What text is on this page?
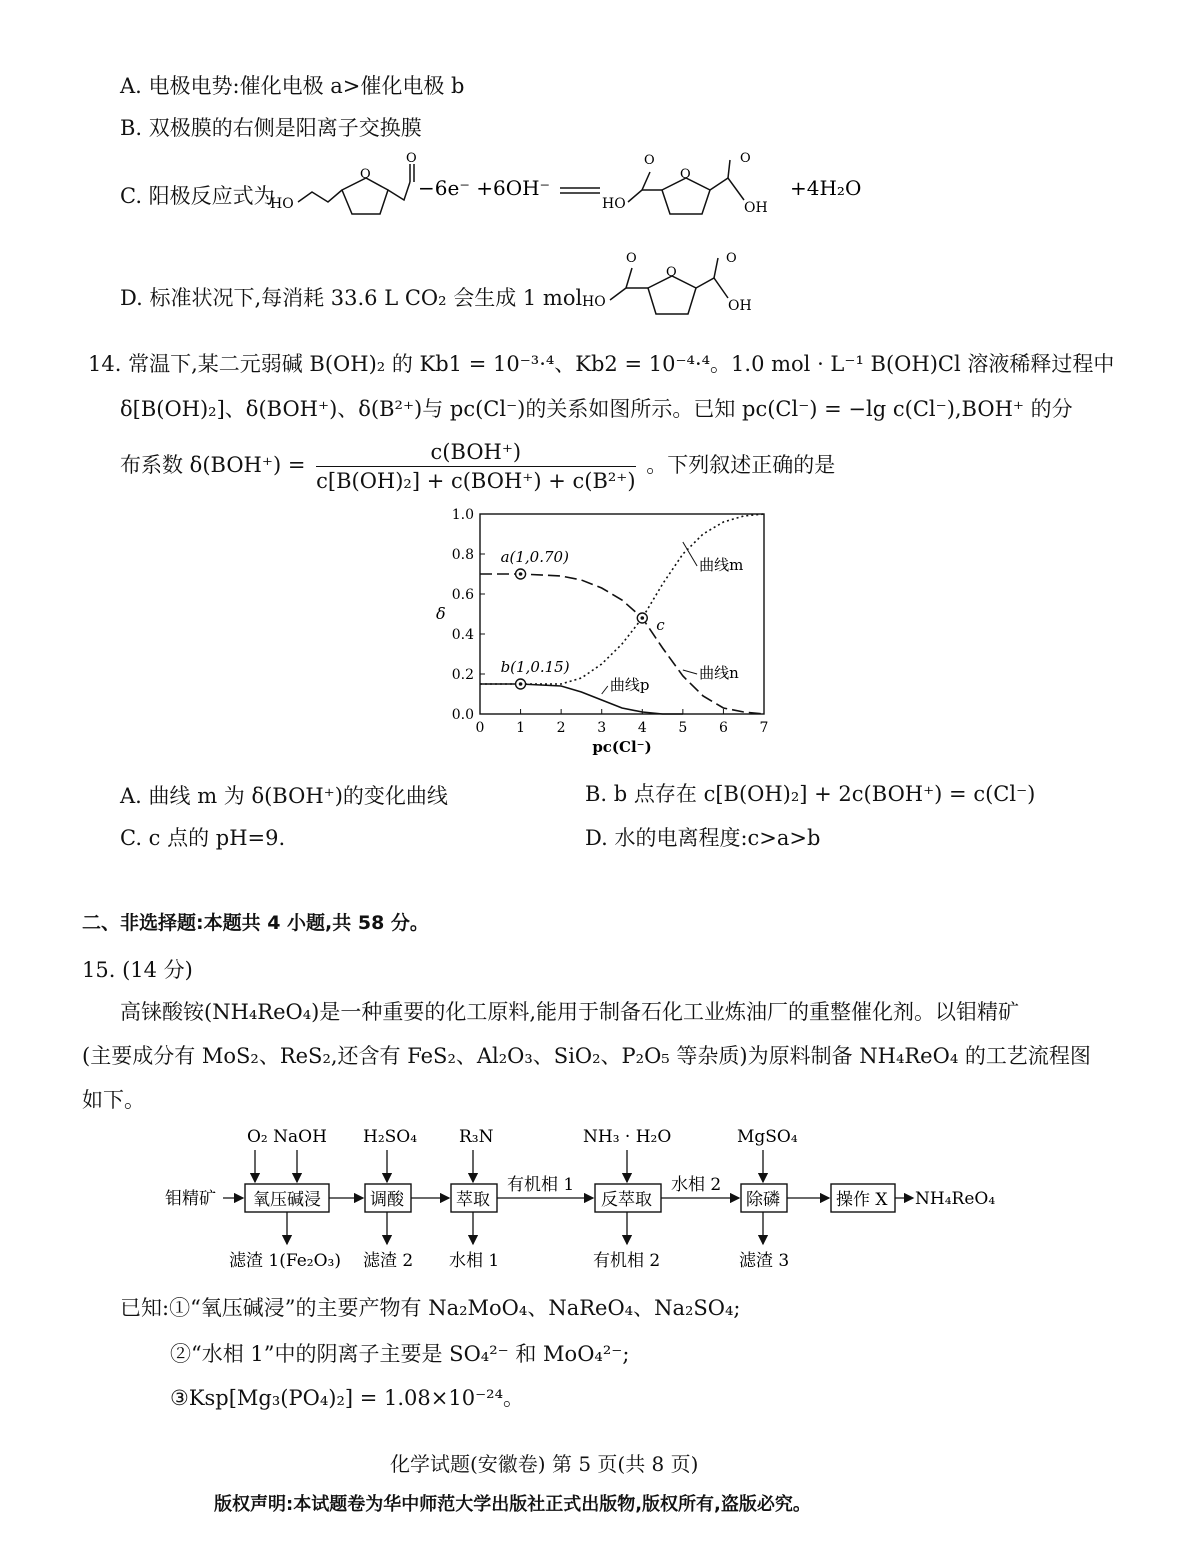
A. 电极电势:催化电极 a>催化电极 b
B. 双极膜的右侧是阳离子交换膜
C. 阳极反应式为
HO
O
O
−6e⁻ +6OH⁻
HO
O
O
O
OH
+4H₂O
D. 标准状况下,每消耗 33.6 L CO₂ 会生成 1 mol HO
O
O
O
OH
14. 常温下,某二元弱碱 B(OH)₂ 的 Kb1 = 10⁻³·⁴、Kb2 = 10⁻⁴·⁴。1.0 mol · L⁻¹ B(OH)Cl 溶液稀释过程中
δ[B(OH)₂]、δ(BOH⁺)、δ(B²⁺)与 pc(Cl⁻)的关系如图所示。已知 pc(Cl⁻) = −lg c(Cl⁻),BOH⁺ 的分
布系数 $\delta(BOH^+) = \frac{\text{c(BOH⁺)}}{\text{c[B(OH)₂] + c(BOH⁺) + c(B²⁺)}}$ 。下列叙述正确的是
0 1 2 3 4 5 6 7
0.0
0.2
0.4
0.6
0.8
1.0
pc(Cl⁻)
δ
曲线m
曲线n
曲线p
a(1,0.70)
b(1,0.15)
c
A. 曲线 m 为 δ(BOH⁺)的变化曲线	B. b 点存在 c[B(OH)₂] + 2c(BOH⁺) = c(Cl⁻)
C. c 点的 pH=9.	D. 水的电离程度:c>a>b
二、非选择题:本题共 4 小题,共 58 分。
15. (14 分)
高铼酸铵(NH₄ReO₄)是一种重要的化工原料,能用于制备石化工业炼油厂的重整催化剂。以钼精矿
(主要成分有 MoS₂、ReS₂,还含有 FeS₂、Al₂O₃、SiO₂、P₂O₅ 等杂质)为原料制备 NH₄ReO₄ 的工艺流程图
如下。
钼精矿 氧压碱浸	调酸	萃取
有机相 1
反萃取
水相 2
除磷	操作 X NH₄ReO₄
O₂ NaOH H₂SO₄ R₃N	NH₃ · H₂O	MgSO₄
滤渣 1(Fe₂O₃) 滤渣 2 水相 1	有机相 2	滤渣 3
已知:①“氧压碱浸”的主要产物有 Na₂MoO₄、NaReO₄、Na₂SO₄;
②“水相 1”中的阴离子主要是 SO₄²⁻ 和 MoO₄²⁻;
③Ksp[Mg₃(PO₄)₂] = 1.08×10⁻²⁴。
化学试题(安徽卷) 第 5 页(共 8 页)
版权声明:本试题卷为华中师范大学出版社正式出版物,版权所有,盗版必究。
